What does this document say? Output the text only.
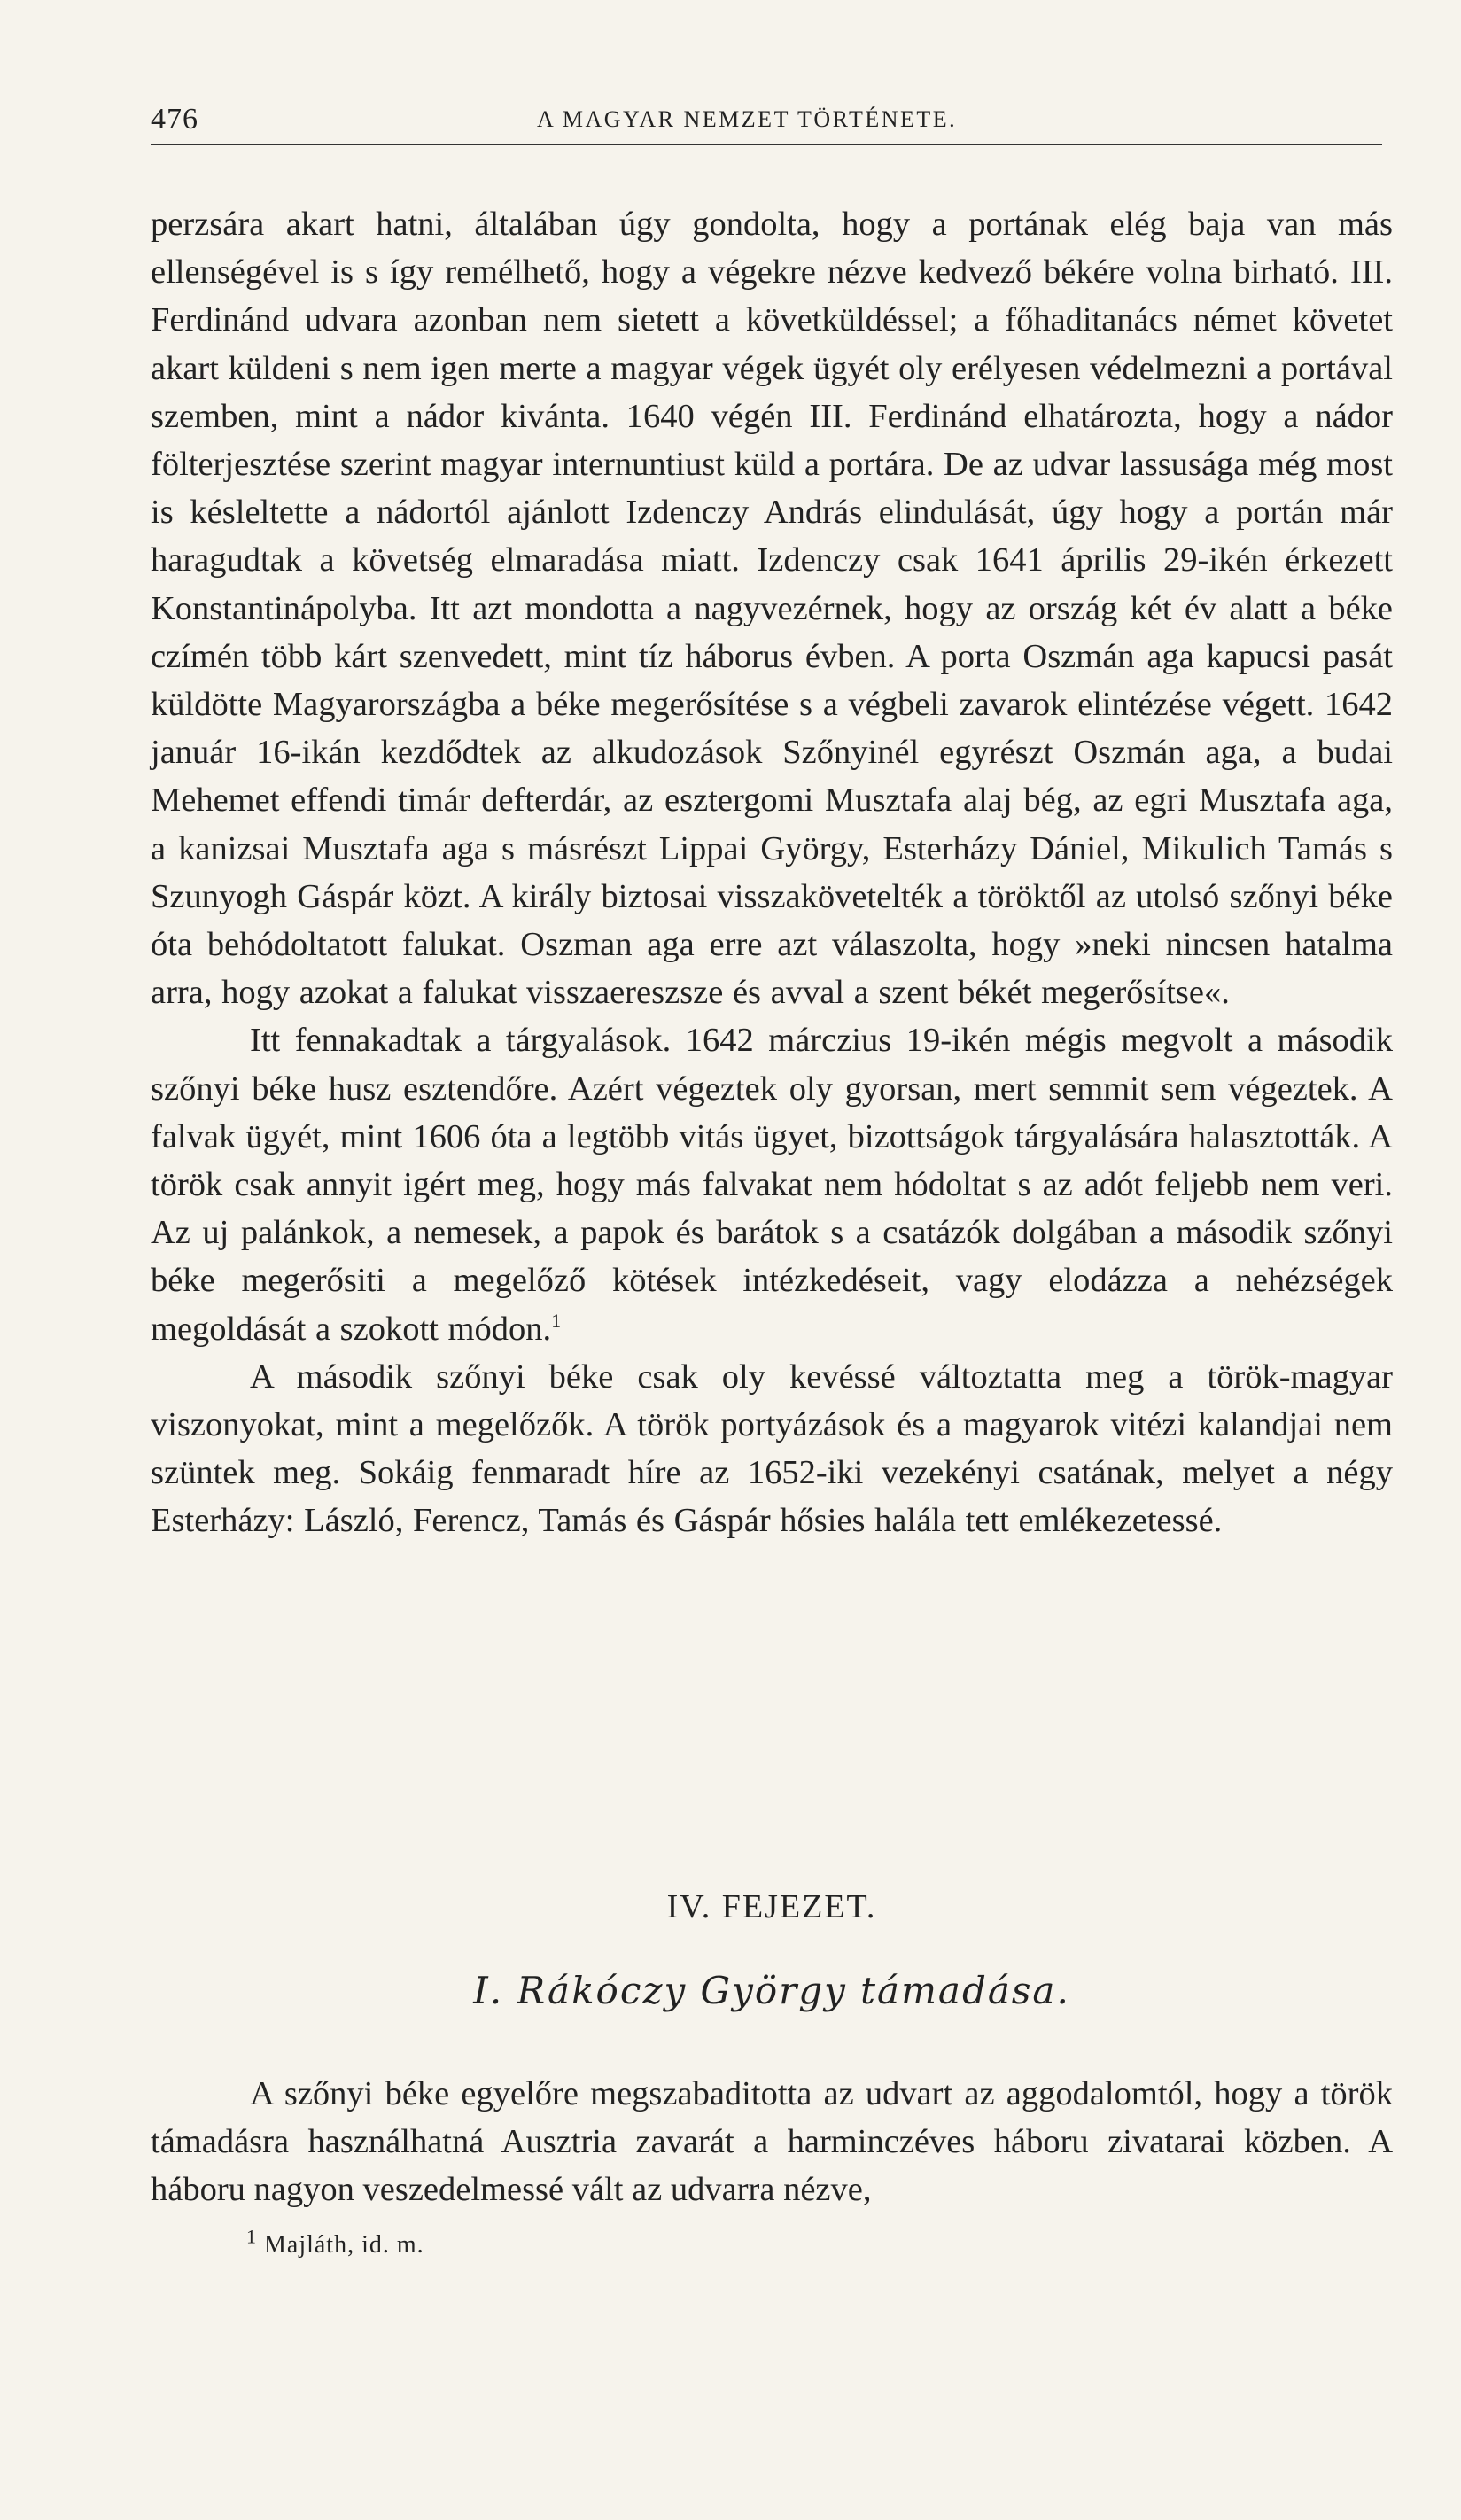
476	A MAGYAR NEMZET TÖRTÉNETE.

perzsára akart hatni, általában úgy gondolta, hogy a portának elég baja van más ellenségével is s így remélhető, hogy a végekre nézve kedvező békére volna birható. III. Ferdinánd udvara azonban nem sietett a követküldéssel; a főhaditanács német követet akart küldeni s nem igen merte a magyar végek ügyét oly erélyesen védelmezni a portával szemben, mint a nádor kivánta. 1640 végén III. Ferdinánd elhatározta, hogy a nádor fölterjesztése szerint magyar internuntiust küld a portára. De az udvar lassusága még most is késleltette a nádortól ajánlott Izdenczy András elindulását, úgy hogy a portán már haragudtak a követség elmaradása miatt. Izdenczy csak 1641 április 29-ikén érkezett Konstantinápolyba. Itt azt mondotta a nagyvezérnek, hogy az ország két év alatt a béke czímén több kárt szenvedett, mint tíz háborus évben. A porta Oszmán aga kapucsi pasát küldötte Magyarországba a béke megerősítése s a végbeli zavarok elintézése végett. 1642 január 16-ikán kezdődtek az alkudozások Szőnyinél egyrészt Oszmán aga, a budai Mehemet effendi timár defterdár, az esztergomi Musztafa alaj bég, az egri Musztafa aga, a kanizsai Musztafa aga s másrészt Lippai György, Esterházy Dániel, Mikulich Tamás s Szunyogh Gáspár közt. A király biztosai visszakövetelték a töröktől az utolsó szőnyi béke óta behódoltatott falukat. Oszman aga erre azt válaszolta, hogy »neki nincsen hatalma arra, hogy azokat a falukat visszaereszsze és avval a szent békét megerősítse«.

Itt fennakadtak a tárgyalások. 1642 márczius 19-ikén mégis megvolt a második szőnyi béke husz esztendőre. Azért végeztek oly gyorsan, mert semmit sem végeztek. A falvak ügyét, mint 1606 óta a legtöbb vitás ügyet, bizottságok tárgyalására halasztották. A török csak annyit igért meg, hogy más falvakat nem hódoltat s az adót feljebb nem veri. Az uj palánkok, a nemesek, a papok és barátok s a csatázók dolgában a második szőnyi béke megerősiti a megelőző kötések intézkedéseit, vagy elodázza a nehézségek megoldását a szokott módon.$^1$

A második szőnyi béke csak oly kevéssé változtatta meg a török-magyar viszonyokat, mint a megelőzők. A török portyázások és a magyarok vitézi kalandjai nem szüntek meg. Sokáig fenmaradt híre az 1652-iki vezekényi csatának, melyet a négy Esterházy: László, Ferencz, Tamás és Gáspár hősies halála tett emlékezetessé.

IV. FEJEZET.
I. Rákóczy György támadása.

A szőnyi béke egyelőre megszabaditotta az udvart az aggodalomtól, hogy a török támadásra használhatná Ausztria zavarát a harminczéves háboru zivatarai közben. A háboru nagyon veszedelmessé vált az udvarra nézve,

$^1$ Majláth, id. m.
